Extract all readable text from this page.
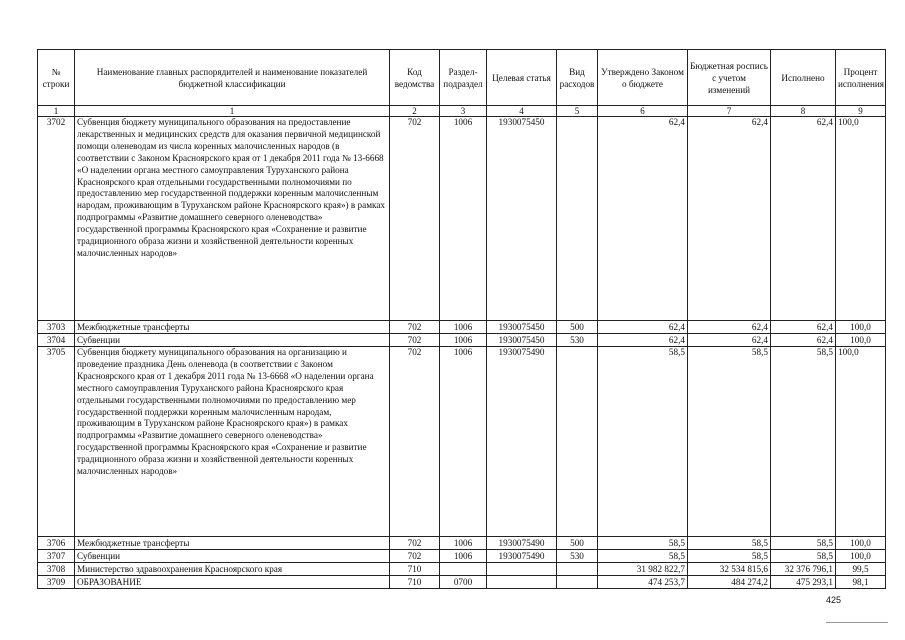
№ строки	Наименование главных распорядителей и наименование показателей бюджетной классификации	Код ведомства	Раздел-подраздел	Целевая статья	Вид расходов	Утверждено Законом о бюджете	Бюджетная роспись с учетом изменений	Исполнено	Процент исполнения
1	1	2	3	4	5	6	7	8	9
3702	Субвенция бюджету муниципального образования на предоставление лекарственных и медицинских средств для оказания первичной медицинской помощи оленеводам из числа коренных малочисленных народов (в соответствии с Законом Красноярского края от 1 декабря 2011 года № 13-6668 «О наделении органа местного самоуправления Туруханского района Красноярского края отдельными государственными полномочиями по предоставлению мер государственной поддержки коренным малочисленным народам, проживающим в Туруханском районе Красноярского края») в рамках подпрограммы «Развитие домашнего северного оленеводства» государственной программы Красноярского края «Сохранение и развитие традиционного образа жизни и хозяйственной деятельности коренных малочисленных народов»	702	1006	1930075450		62,4	62,4	62,4	100,0
3703	Межбюджетные трансферты	702	1006	1930075450	500	62,4	62,4	62,4	100,0
3704	Субвенции	702	1006	1930075450	530	62,4	62,4	62,4	100,0
3705	Субвенция бюджету муниципального образования на организацию и проведение праздника День оленевода (в соответствии с Законом Красноярского края от 1 декабря 2011 года № 13-6668 «О наделении органа местного самоуправления Туруханского района Красноярского края отдельными государственными полномочиями по предоставлению мер государственной поддержки коренным малочисленным народам, проживающим в Туруханском районе Красноярского края») в рамках подпрограммы «Развитие домашнего северного оленеводства» государственной программы Красноярского края «Сохранение и развитие традиционного образа жизни и хозяйственной деятельности коренных малочисленных народов»	702	1006	1930075490		58,5	58,5	58,5	100,0
3706	Межбюджетные трансферты	702	1006	1930075490	500	58,5	58,5	58,5	100,0
3707	Субвенции	702	1006	1930075490	530	58,5	58,5	58,5	100,0
3708	Министерство здравоохранения Красноярского края	710				31 982 822,7	32 534 815,6	32 376 796,1	99,5
3709	ОБРАЗОВАНИЕ	710	0700			474 253,7	484 274,2	475 293,1	98,1
425
